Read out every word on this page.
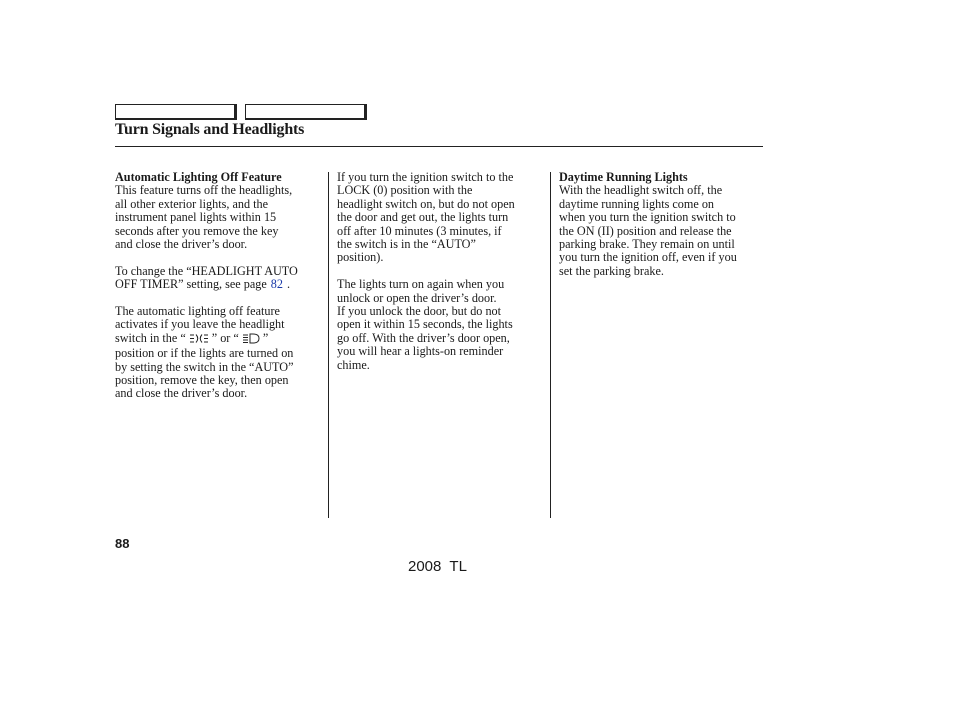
Turn Signals and Headlights

Automatic Lighting Off Feature

This feature turns off the headlights,

all other exterior lights, and the

instrument panel lights within 15

seconds after you remove the key

and close the driver’s door.

To change the “HEADLIGHT AUTO

OFF TIMER” setting, see page 82 .

The automatic lighting off feature

activates if you leave the headlight

switch in the “ ” or “ ”

position or if the lights are turned on

by setting the switch in the “AUTO”

position, remove the key, then open

and close the driver’s door.

If you turn the ignition switch to the

LOCK (0) position with the

headlight switch on, but do not open

the door and get out, the lights turn

off after 10 minutes (3 minutes, if

the switch is in the “AUTO”

position).

The lights turn on again when you

unlock or open the driver’s door.

If you unlock the door, but do not

open it within 15 seconds, the lights

go off. With the driver’s door open,

you will hear a lights-on reminder

chime.

Daytime Running Lights

With the headlight switch off, the

daytime running lights come on

when you turn the ignition switch to

the ON (II) position and release the

parking brake. They remain on until

you turn the ignition off, even if you

set the parking brake.

88
2008  TL
